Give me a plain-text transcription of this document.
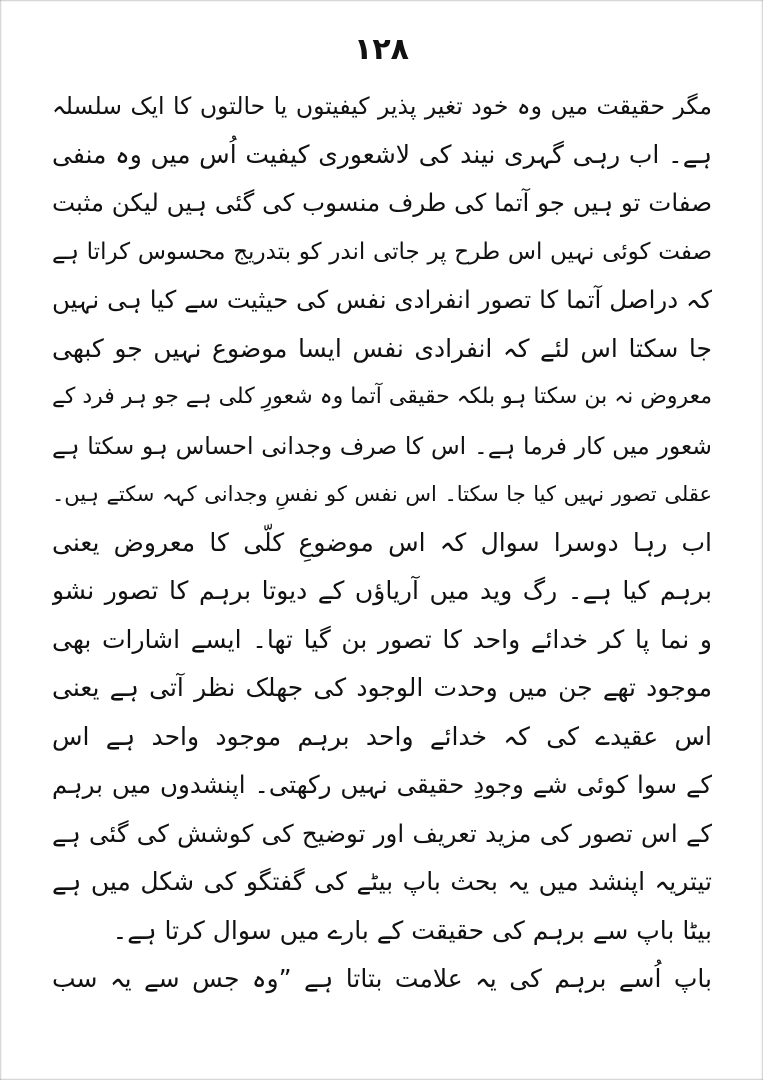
۱۲۸
مگر حقیقت میں وہ خود تغیر پذیر کیفیتوں یا حالتوں کا ایک سلسلہ
ہے۔ اب رہی گہری نیند کی لاشعوری کیفیت اُس میں وہ منفی
صفات تو ہیں جو آتما کی طرف منسوب کی گئی ہیں لیکن مثبت
صفت کوئی نہیں اس طرح پر جاتی اندر کو بتدریج محسوس کراتا ہے
کہ دراصل آتما کا تصور انفرادی نفس کی حیثیت سے کیا ہی نہیں
جا سکتا اس لئے کہ انفرادی نفس ایسا موضوع نہیں جو کبھی
معروض نہ بن سکتا ہو بلکہ حقیقی آتما وہ شعورِ کلی ہے جو ہر فرد کے
شعور میں کار فرما ہے۔ اس کا صرف وجدانی احساس ہو سکتا ہے
عقلی تصور نہیں کیا جا سکتا۔ اس نفس کو نفسِ وجدانی کہہ سکتے ہیں۔
اب رہا دوسرا سوال کہ اس موضوعِ کلّی کا معروض یعنی
برہم کیا ہے۔ رگ وید میں آریاؤں کے دیوتا برہم کا تصور نشو
و نما پا کر خدائے واحد کا تصور بن گیا تھا۔ ایسے اشارات بھی
موجود تھے جن میں وحدت الوجود کی جھلک نظر آتی ہے یعنی
اس عقیدے کی کہ خدائے واحد برہم موجود واحد ہے اس
کے سوا کوئی شے وجودِ حقیقی نہیں رکھتی۔ اپنشدوں میں برہم
کے اس تصور کی مزید تعریف اور توضیح کی کوشش کی گئی ہے
تیتریہ اپنشد میں یہ بحث باپ بیٹے کی گفتگو کی شکل میں ہے
بیٹا باپ سے برہم کی حقیقت کے بارے میں سوال کرتا ہے۔
باپ اُسے برہم کی یہ علامت بتاتا ہے ”وہ جس سے یہ سب
